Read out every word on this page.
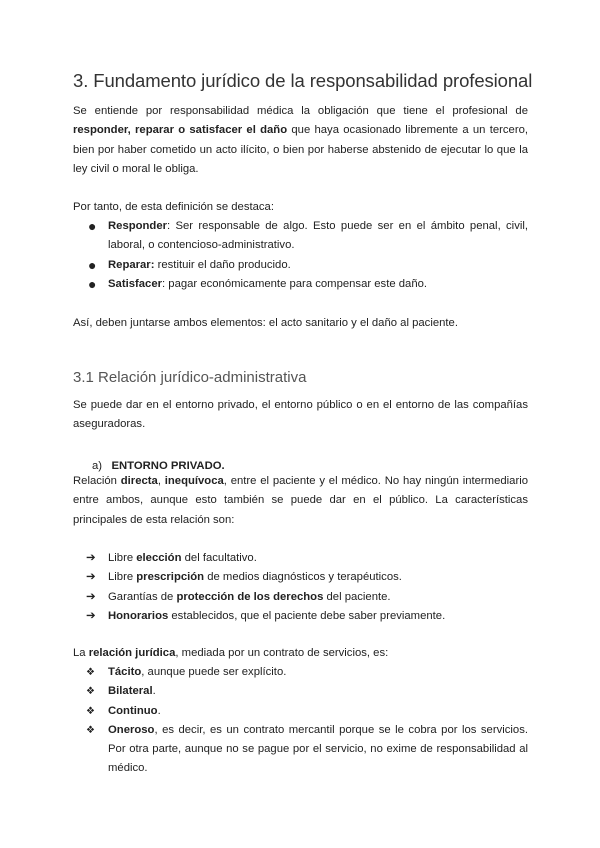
3. Fundamento jurídico de la responsabilidad profesional

Se entiende por responsabilidad médica la obligación que tiene el profesional de responder, reparar o satisfacer el daño que haya ocasionado libremente a un tercero, bien por haber cometido un acto ilícito, o bien por haberse abstenido de ejecutar lo que la ley civil o moral le obliga.

Por tanto, de esta definición se destaca:

● Responder: Ser responsable de algo. Esto puede ser en el ámbito penal, civil, laboral, o contencioso-administrativo.
● Reparar: restituir el daño producido.
● Satisfacer: pagar económicamente para compensar este daño.

Así, deben juntarse ambos elementos: el acto sanitario y el daño al paciente.

3.1 Relación jurídico-administrativa

Se puede dar en el entorno privado, el entorno público o en el entorno de las compañías aseguradoras.

a) ENTORNO PRIVADO.

Relación directa, inequívoca, entre el paciente y el médico. No hay ningún intermediario entre ambos, aunque esto también se puede dar en el público. La características principales de esta relación son:

➔ Libre elección del facultativo.
➔ Libre prescripción de medios diagnósticos y terapéuticos.
➔ Garantías de protección de los derechos del paciente.
➔ Honorarios establecidos, que el paciente debe saber previamente.

La relación jurídica, mediada por un contrato de servicios, es:

❖ Tácito, aunque puede ser explícito.
❖ Bilateral.
❖ Continuo.
❖ Oneroso, es decir, es un contrato mercantil porque se le cobra por los servicios. Por otra parte, aunque no se pague por el servicio, no exime de responsabilidad al médico.
